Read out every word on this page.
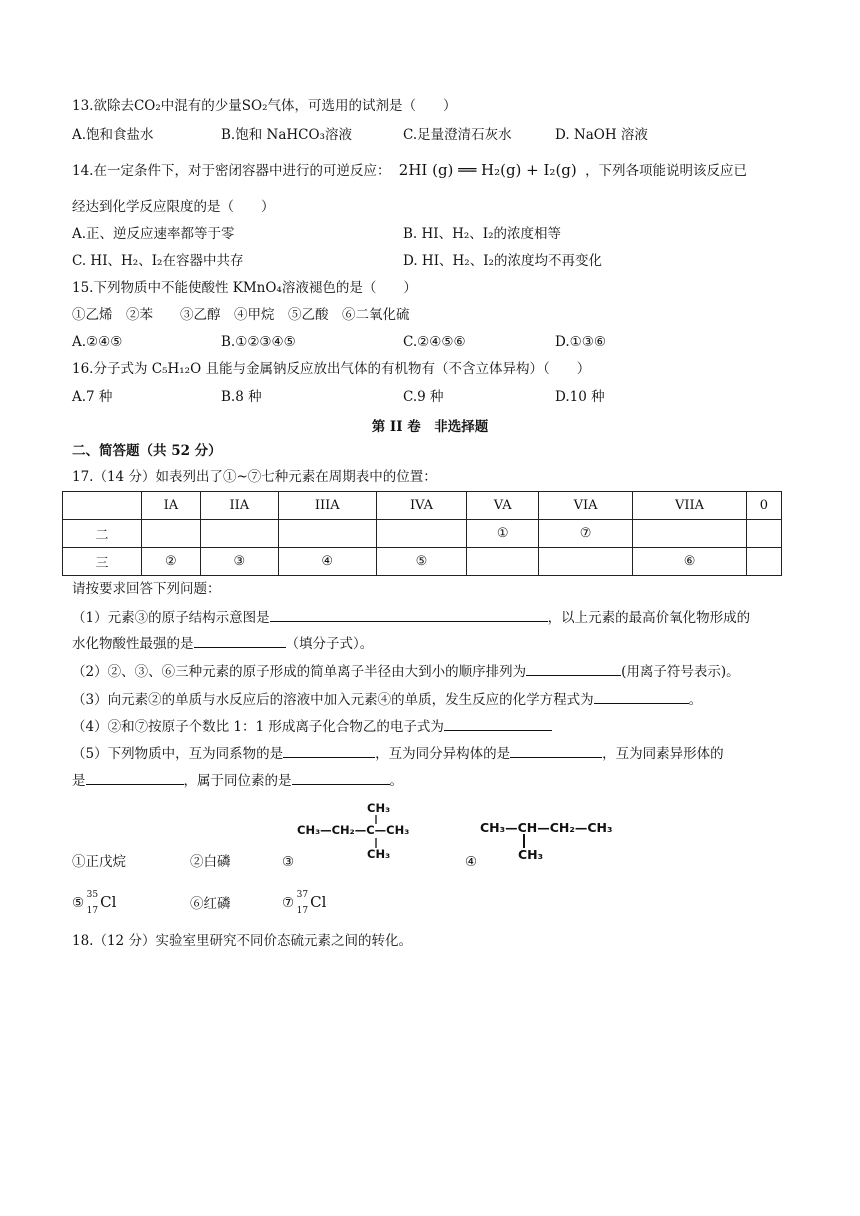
13.欲除去CO₂中混有的少量SO₂气体，可选用的试剂是（　　）
A.饱和食盐水	B.饱和 NaHCO₃溶液	C.足量澄清石灰水	D. NaOH 溶液
14.在一定条件下，对于密闭容器中进行的可逆反应： 2HI (g) ══ H₂(g) + I₂(g) ，下列各项能说明该反应已
经达到化学反应限度的是（　　）
A.正、逆反应速率都等于零	B. HI、H₂、I₂的浓度相等
C. HI、H₂、I₂在容器中共存	D. HI、H₂、I₂的浓度均不再变化
15.下列物质中不能使酸性 KMnO₄溶液褪色的是（　　）
①乙烯　②苯　　③乙醇　④甲烷　⑤乙酸　⑥二氧化硫
A.②④⑤	B.①②③④⑤	C.②④⑤⑥	D.①③⑥
16.分子式为 C₅H₁₂O 且能与金属钠反应放出气体的有机物有（不含立体异构）（　　）
A.7 种	B.8 种	C.9 种	D.10 种
第 II 卷　非选择题
二、简答题（共 52 分）
17.（14 分）如表列出了①~⑦七种元素在周期表中的位置：
	IA	IIA	IIIA	IVA	VA	VIA	VIIA	0
二					①	⑦		
三	②	③	④	⑤			⑥	
请按要求回答下列问题：
（1）元素③的原子结构示意图是	，以上元素的最高价氧化物形成的
水化物酸性最强的是	（填分子式）。
（2）②、③、⑥三种元素的原子形成的简单离子半径由大到小的顺序排列为	(用离子符号表示)。
（3）向元素②的单质与水反应后的溶液中加入元素④的单质，发生反应的化学方程式为	。
（4）②和⑦按原子个数比 1：1 形成离子化合物乙的电子式为
（5）下列物质中，互为同系物的是	，互为同分异构体的是	，互为同素异形体的
是	，属于同位素的是	。
CH₃
CH₃—CH₂—C—CH₃
CH₃
CH₃—CH—CH₂—CH₃
CH₃
①正戊烷	②白磷	③	④
⑤
35
17 Cl	⑥红磷	⑦
37
17 Cl
18.（12 分）实验室里研究不同价态硫元素之间的转化。
